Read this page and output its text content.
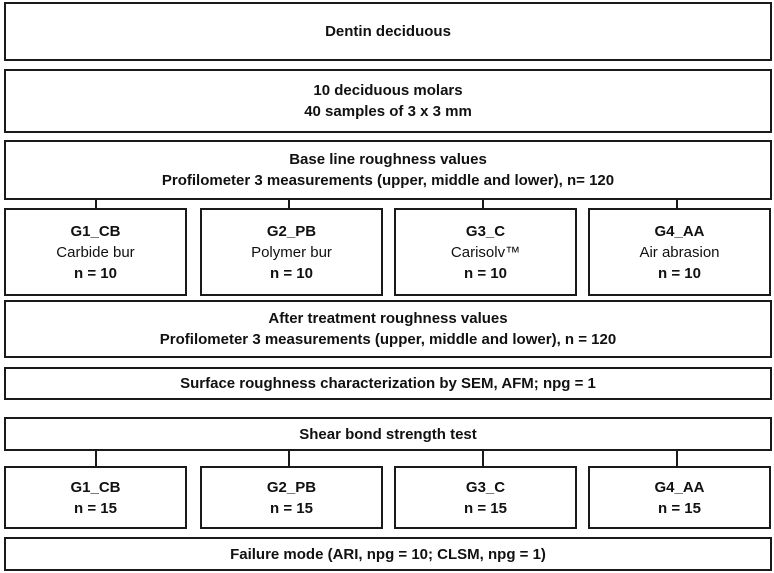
Dentin deciduous
10 deciduous molars
40 samples of 3 x 3 mm
Base line roughness values
Profilometer 3 measurements (upper, middle and lower), n= 120
G1_CB
Carbide bur
n = 10
G2_PB
Polymer bur
n = 10
G3_C
Carisolv™
n = 10
G4_AA
Air abrasion
n = 10
After treatment roughness values
Profilometer 3 measurements (upper, middle and lower), n = 120
Surface roughness characterization by SEM, AFM; npg = 1
Shear bond strength test
G1_CB
n = 15
G2_PB
n = 15
G3_C
n = 15
G4_AA
n = 15
Failure mode (ARI, npg = 10; CLSM, npg = 1)
